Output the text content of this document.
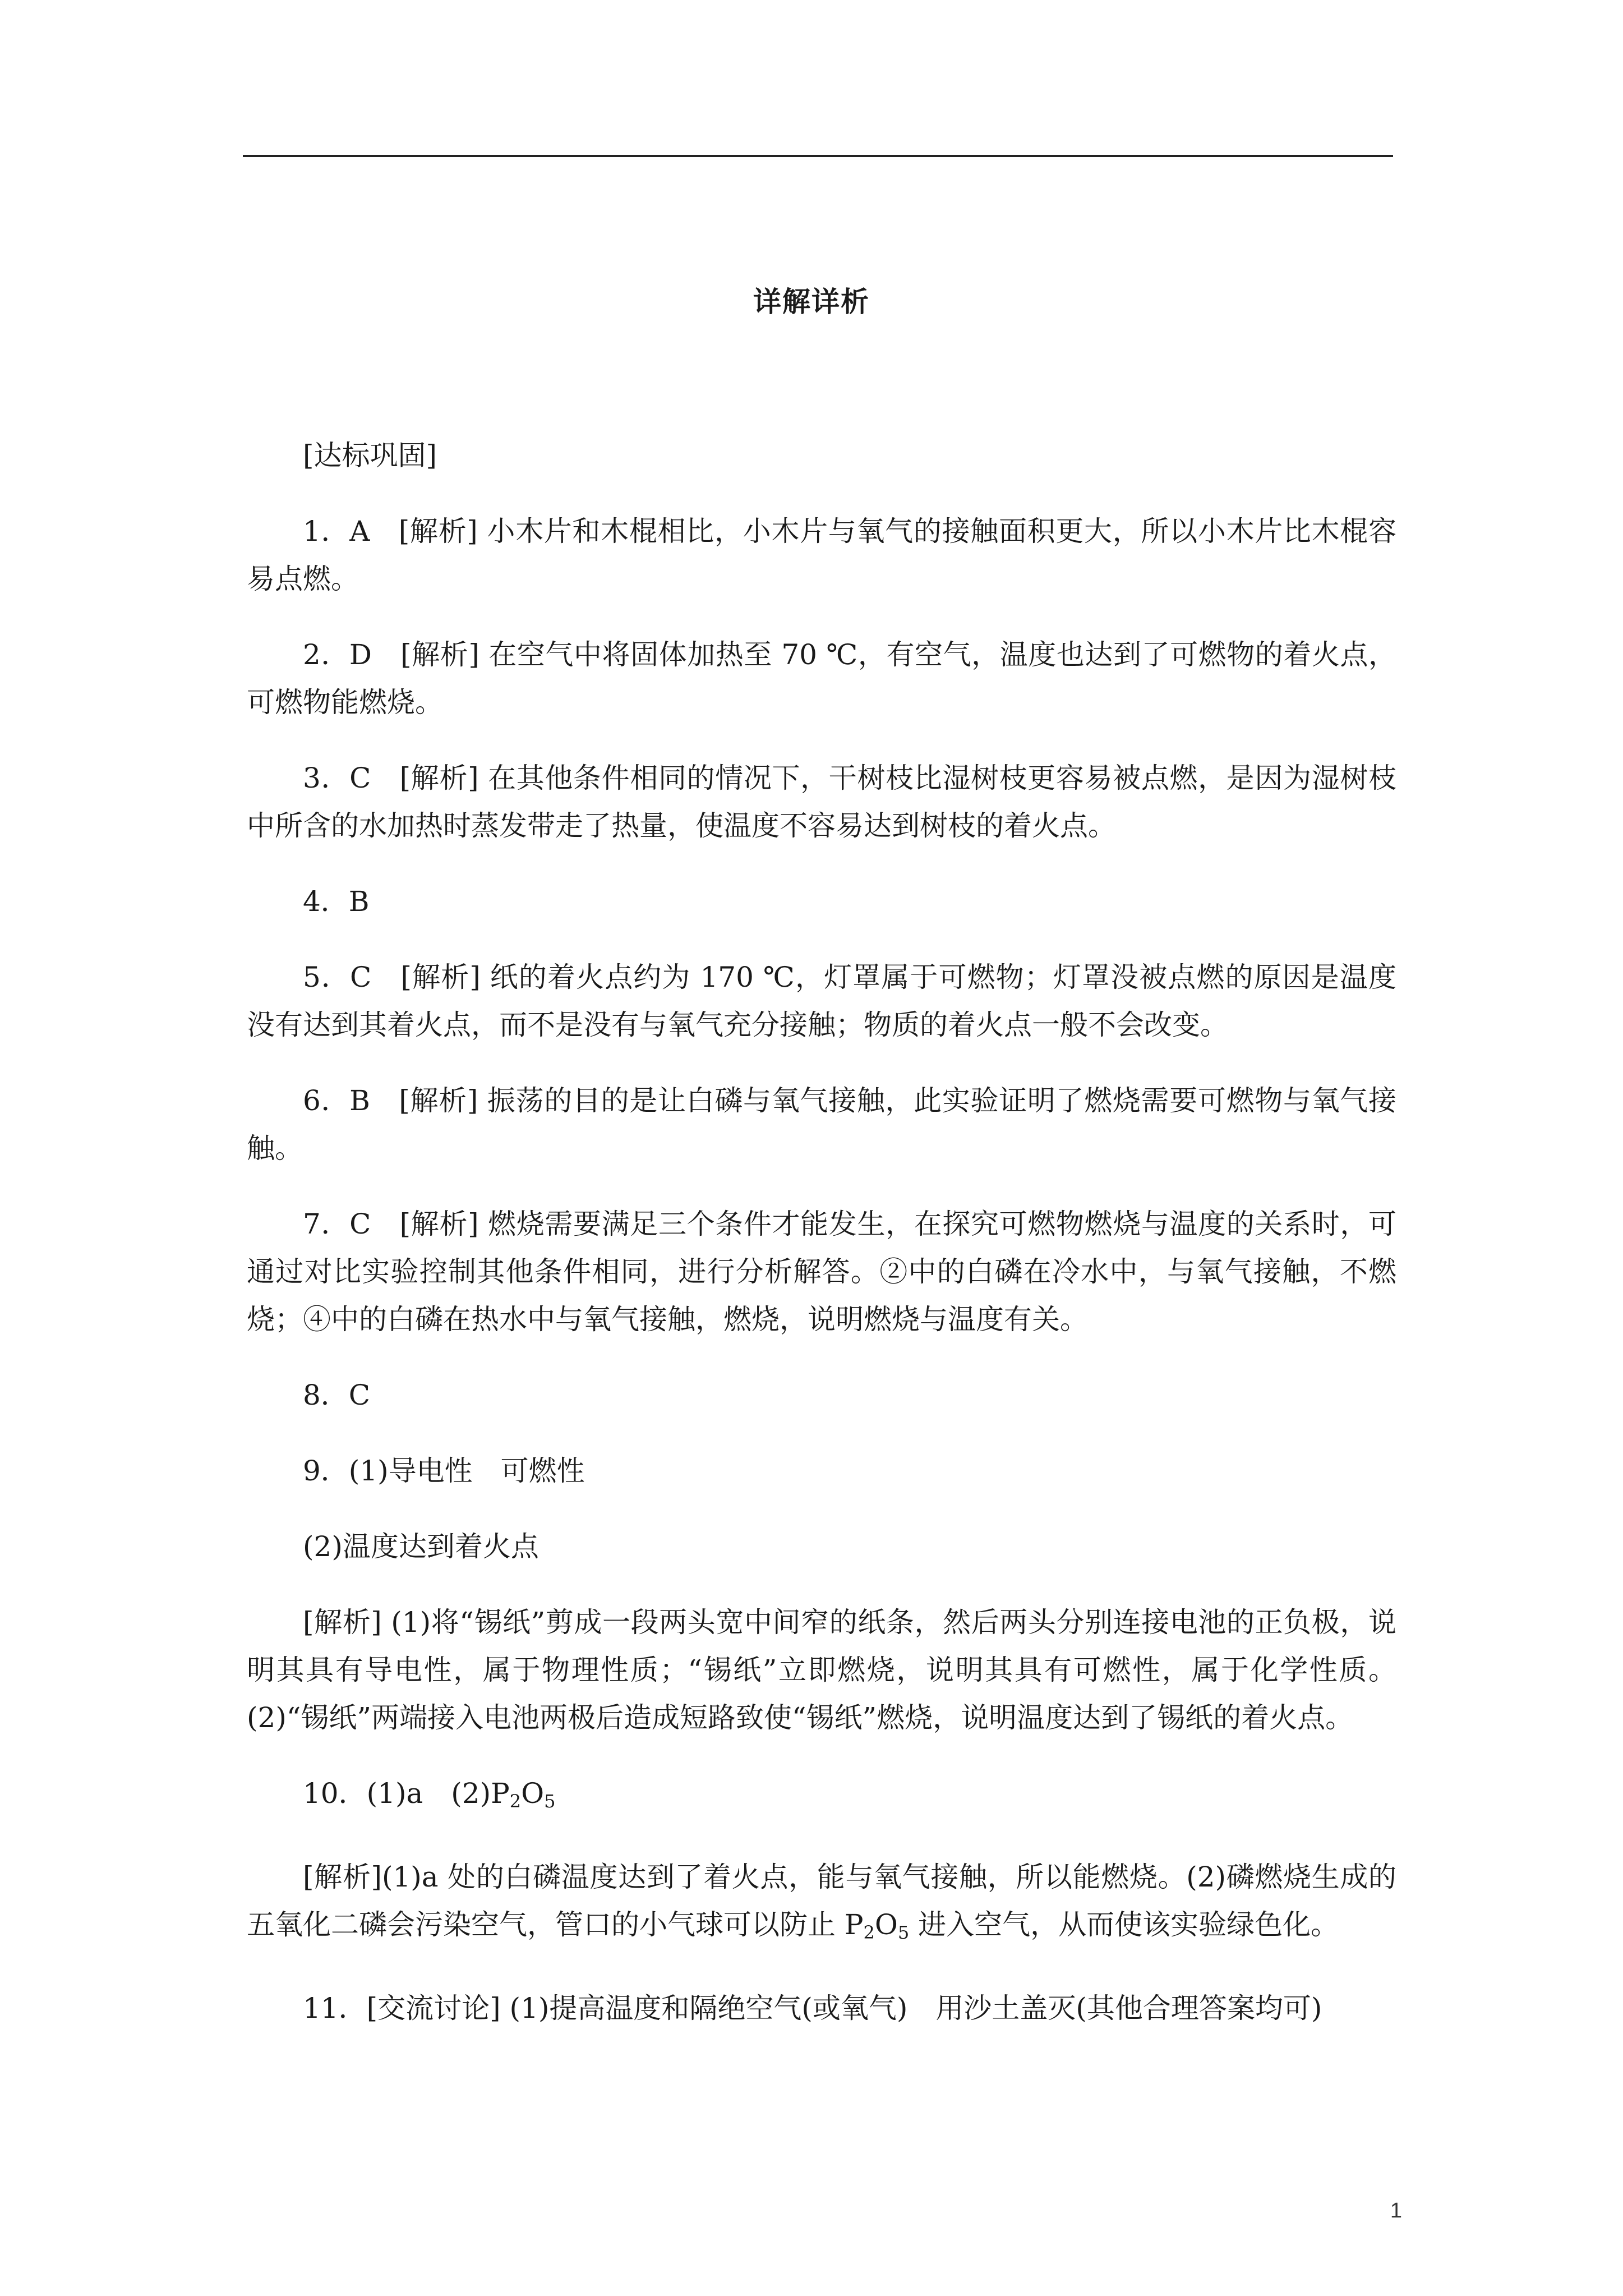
详解详析

[达标巩固]

1．A　[解析] 小木片和木棍相比，小木片与氧气的接触面积更大，所以小木片比木棍容易点燃。

2．D　[解析] 在空气中将固体加热至 70 ℃，有空气，温度也达到了可燃物的着火点，可燃物能燃烧。

3．C　[解析] 在其他条件相同的情况下，干树枝比湿树枝更容易被点燃，是因为湿树枝中所含的水加热时蒸发带走了热量，使温度不容易达到树枝的着火点。

4．B

5．C　[解析] 纸的着火点约为 170 ℃，灯罩属于可燃物；灯罩没被点燃的原因是温度没有达到其着火点，而不是没有与氧气充分接触；物质的着火点一般不会改变。

6．B　[解析] 振荡的目的是让白磷与氧气接触，此实验证明了燃烧需要可燃物与氧气接触。

7．C　[解析] 燃烧需要满足三个条件才能发生，在探究可燃物燃烧与温度的关系时，可通过对比实验控制其他条件相同，进行分析解答。②中的白磷在冷水中，与氧气接触，不燃烧；④中的白磷在热水中与氧气接触，燃烧，说明燃烧与温度有关。

8．C

9．(1)导电性　可燃性

(2)温度达到着火点

[解析] (1)将“锡纸”剪成一段两头宽中间窄的纸条，然后两头分别连接电池的正负极，说明其具有导电性，属于物理性质；“锡纸”立即燃烧，说明其具有可燃性，属于化学性质。(2)“锡纸”两端接入电池两极后造成短路致使“锡纸”燃烧，说明温度达到了锡纸的着火点。

10．(1)a　$(2)P_2O_5$

[解析](1)a 处的白磷温度达到了着火点，能与氧气接触，所以能燃烧。(2)磷燃烧生成的五氧化二磷会污染空气，管口的小气球可以防止 $P_2O_5$ 进入空气，从而使该实验绿色化。

11．[交流讨论] (1)提高温度和隔绝空气(或氧气)　用沙土盖灭(其他合理答案均可)

1
